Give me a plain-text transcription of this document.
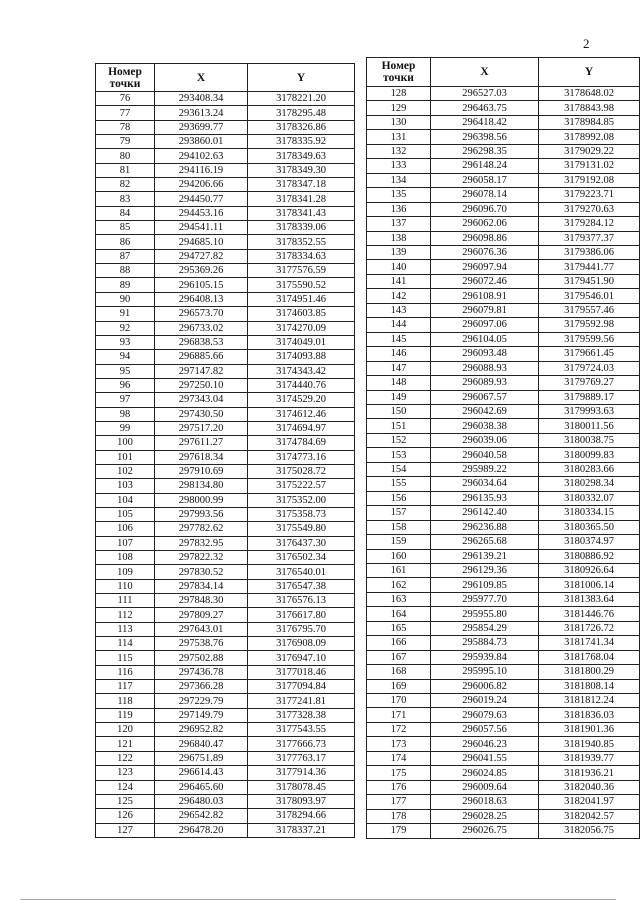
2
Номер
точки	X	Y
76	293408.34	3178221.20
77	293613.24	3178295.48
78	293699.77	3178326.86
79	293860.01	3178335.92
80	294102.63	3178349.63
81	294116.19	3178349.30
82	294206.66	3178347.18
83	294450.77	3178341.28
84	294453.16	3178341.43
85	294541.11	3178339.06
86	294685.10	3178352.55
87	294727.82	3178334.63
88	295369.26	3177576.59
89	296105.15	3175590.52
90	296408.13	3174951.46
91	296573.70	3174603.85
92	296733.02	3174270.09
93	296838.53	3174049.01
94	296885.66	3174093.88
95	297147.82	3174343.42
96	297250.10	3174440.76
97	297343.04	3174529.20
98	297430.50	3174612.46
99	297517.20	3174694.97
100	297611.27	3174784.69
101	297618.34	3174773.16
102	297910.69	3175028.72
103	298134.80	3175222.57
104	298000.99	3175352.00
105	297993.56	3175358.73
106	297782.62	3175549.80
107	297832.95	3176437.30
108	297822.32	3176502.34
109	297830.52	3176540.01
110	297834.14	3176547.38
111	297848.30	3176576.13
112	297809.27	3176617.80
113	297643.01	3176795.70
114	297538.76	3176908.09
115	297502.88	3176947.10
116	297436.78	3177018.46
117	297366.28	3177094.84
118	297229.79	3177241.81
119	297149.79	3177328.38
120	296952.82	3177543.55
121	296840.47	3177666.73
122	296751.89	3177763.17
123	296614.43	3177914.36
124	296465.60	3178078.45
125	296480.03	3178093.97
126	296542.82	3178294.66
127	296478.20	3178337.21
Номер
точки	X	Y
128	296527.03	3178648.02
129	296463.75	3178843.98
130	296418.42	3178984.85
131	296398.56	3178992.08
132	296298.35	3179029.22
133	296148.24	3179131.02
134	296058.17	3179192.08
135	296078.14	3179223.71
136	296096.70	3179270.63
137	296062.06	3179284.12
138	296098.86	3179377.37
139	296076.36	3179386.06
140	296097.94	3179441.77
141	296072.46	3179451.90
142	296108.91	3179546.01
143	296079.81	3179557.46
144	296097.06	3179592.98
145	296104.05	3179599.56
146	296093.48	3179661.45
147	296088.93	3179724.03
148	296089.93	3179769.27
149	296067.57	3179889.17
150	296042.69	3179993.63
151	296038.38	3180011.56
152	296039.06	3180038.75
153	296040.58	3180099.83
154	295989.22	3180283.66
155	296034.64	3180298.34
156	296135.93	3180332.07
157	296142.40	3180334.15
158	296236.88	3180365.50
159	296265.68	3180374.97
160	296139.21	3180886.92
161	296129.36	3180926.64
162	296109.85	3181006.14
163	295977.70	3181383.64
164	295955.80	3181446.76
165	295854.29	3181726.72
166	295884.73	3181741.34
167	295939.84	3181768.04
168	295995.10	3181800.29
169	296006.82	3181808.14
170	296019.24	3181812.24
171	296079.63	3181836.03
172	296057.56	3181901.36
173	296046.23	3181940.85
174	296041.55	3181939.77
175	296024.85	3181936.21
176	296009.64	3182040.36
177	296018.63	3182041.97
178	296028.25	3182042.57
179	296026.75	3182056.75
